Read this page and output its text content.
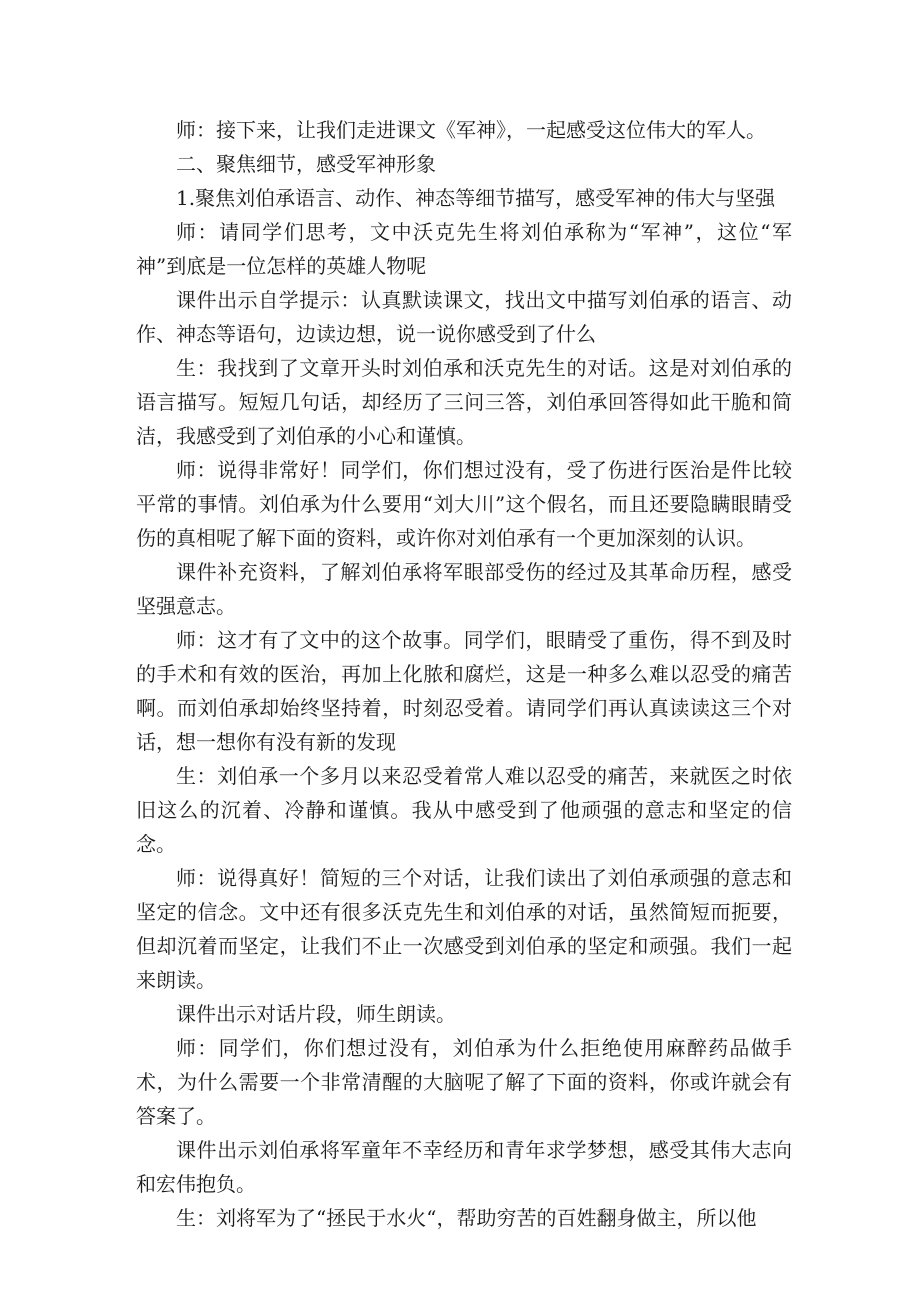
师：接下来，让我们走进课文《军神》，一起感受这位伟大的军人。

二、聚焦细节，感受军神形象

1.聚焦刘伯承语言、动作、神态等细节描写，感受军神的伟大与坚强

师：请同学们思考，文中沃克先生将刘伯承称为“军神”，这位“军神”到底是一位怎样的英雄人物呢

课件出示自学提示：认真默读课文，找出文中描写刘伯承的语言、动作、神态等语句，边读边想，说一说你感受到了什么

生：我找到了文章开头时刘伯承和沃克先生的对话。这是对刘伯承的语言描写。短短几句话，却经历了三问三答，刘伯承回答得如此干脆和简洁，我感受到了刘伯承的小心和谨慎。

师：说得非常好！同学们，你们想过没有，受了伤进行医治是件比较平常的事情。刘伯承为什么要用“刘大川”这个假名，而且还要隐瞒眼睛受伤的真相呢了解下面的资料，或许你对刘伯承有一个更加深刻的认识。

课件补充资料，了解刘伯承将军眼部受伤的经过及其革命历程，感受坚强意志。

师：这才有了文中的这个故事。同学们，眼睛受了重伤，得不到及时的手术和有效的医治，再加上化脓和腐烂，这是一种多么难以忍受的痛苦啊。而刘伯承却始终坚持着，时刻忍受着。请同学们再认真读读这三个对话，想一想你有没有新的发现

生：刘伯承一个多月以来忍受着常人难以忍受的痛苦，来就医之时依旧这么的沉着、冷静和谨慎。我从中感受到了他顽强的意志和坚定的信念。

师：说得真好！简短的三个对话，让我们读出了刘伯承顽强的意志和坚定的信念。文中还有很多沃克先生和刘伯承的对话，虽然简短而扼要，但却沉着而坚定，让我们不止一次感受到刘伯承的坚定和顽强。我们一起来朗读。

课件出示对话片段，师生朗读。

师：同学们，你们想过没有，刘伯承为什么拒绝使用麻醉药品做手术，为什么需要一个非常清醒的大脑呢了解了下面的资料，你或许就会有答案了。

课件出示刘伯承将军童年不幸经历和青年求学梦想，感受其伟大志向和宏伟抱负。

生：刘将军为了“拯民于水火“，帮助穷苦的百姓翻身做主，所以他
